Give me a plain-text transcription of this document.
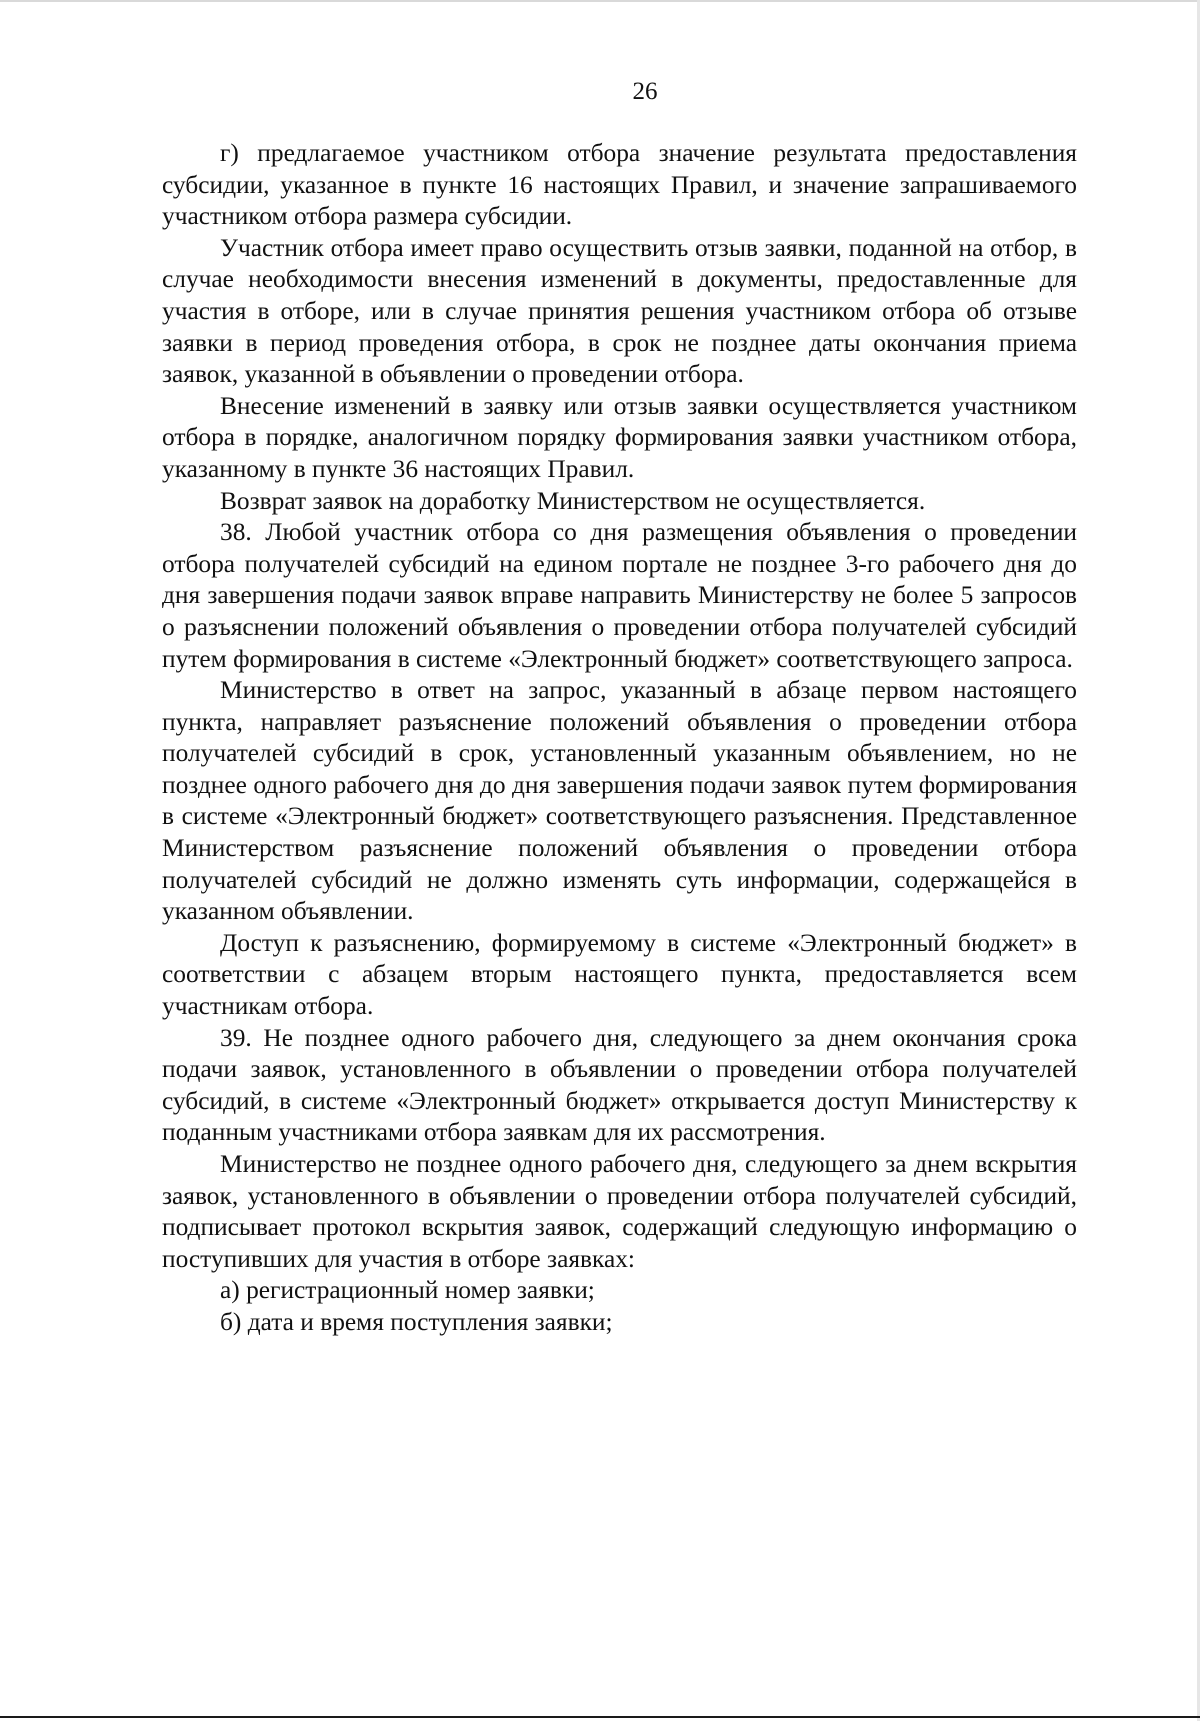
26

г) предлагаемое участником отбора значение результата предоставления субсидии, указанное в пункте 16 настоящих Правил, и значение запрашиваемого участником отбора размера субсидии.

Участник отбора имеет право осуществить отзыв заявки, поданной на отбор, в случае необходимости внесения изменений в документы, предоставленные для участия в отборе, или в случае принятия решения участником отбора об отзыве заявки в период проведения отбора, в срок не позднее даты окончания приема заявок, указанной в объявлении о проведении отбора.

Внесение изменений в заявку или отзыв заявки осуществляется участником отбора в порядке, аналогичном порядку формирования заявки участником отбора, указанному в пункте 36 настоящих Правил.

Возврат заявок на доработку Министерством не осуществляется.

38. Любой участник отбора со дня размещения объявления о проведении отбора получателей субсидий на едином портале не позднее 3-го рабочего дня до дня завершения подачи заявок вправе направить Министерству не более 5 запросов о разъяснении положений объявления о проведении отбора получателей субсидий путем формирования в системе «Электронный бюджет» соответствующего запроса.

Министерство в ответ на запрос, указанный в абзаце первом настоящего пункта, направляет разъяснение положений объявления о проведении отбора получателей субсидий в срок, установленный указанным объявлением, но не позднее одного рабочего дня до дня завершения подачи заявок путем формирования в системе «Электронный бюджет» соответствующего разъяснения. Представленное Министерством разъяснение положений объявления о проведении отбора получателей субсидий не должно изменять суть информации, содержащейся в указанном объявлении.

Доступ к разъяснению, формируемому в системе «Электронный бюджет» в соответствии с абзацем вторым настоящего пункта, предоставляется всем участникам отбора.

39. Не позднее одного рабочего дня, следующего за днем окончания срока подачи заявок, установленного в объявлении о проведении отбора получателей субсидий, в системе «Электронный бюджет» открывается доступ Министерству к поданным участниками отбора заявкам для их рассмотрения.

Министерство не позднее одного рабочего дня, следующего за днем вскрытия заявок, установленного в объявлении о проведении отбора получателей субсидий, подписывает протокол вскрытия заявок, содержащий следующую информацию о поступивших для участия в отборе заявках:

а) регистрационный номер заявки;

б) дата и время поступления заявки;
